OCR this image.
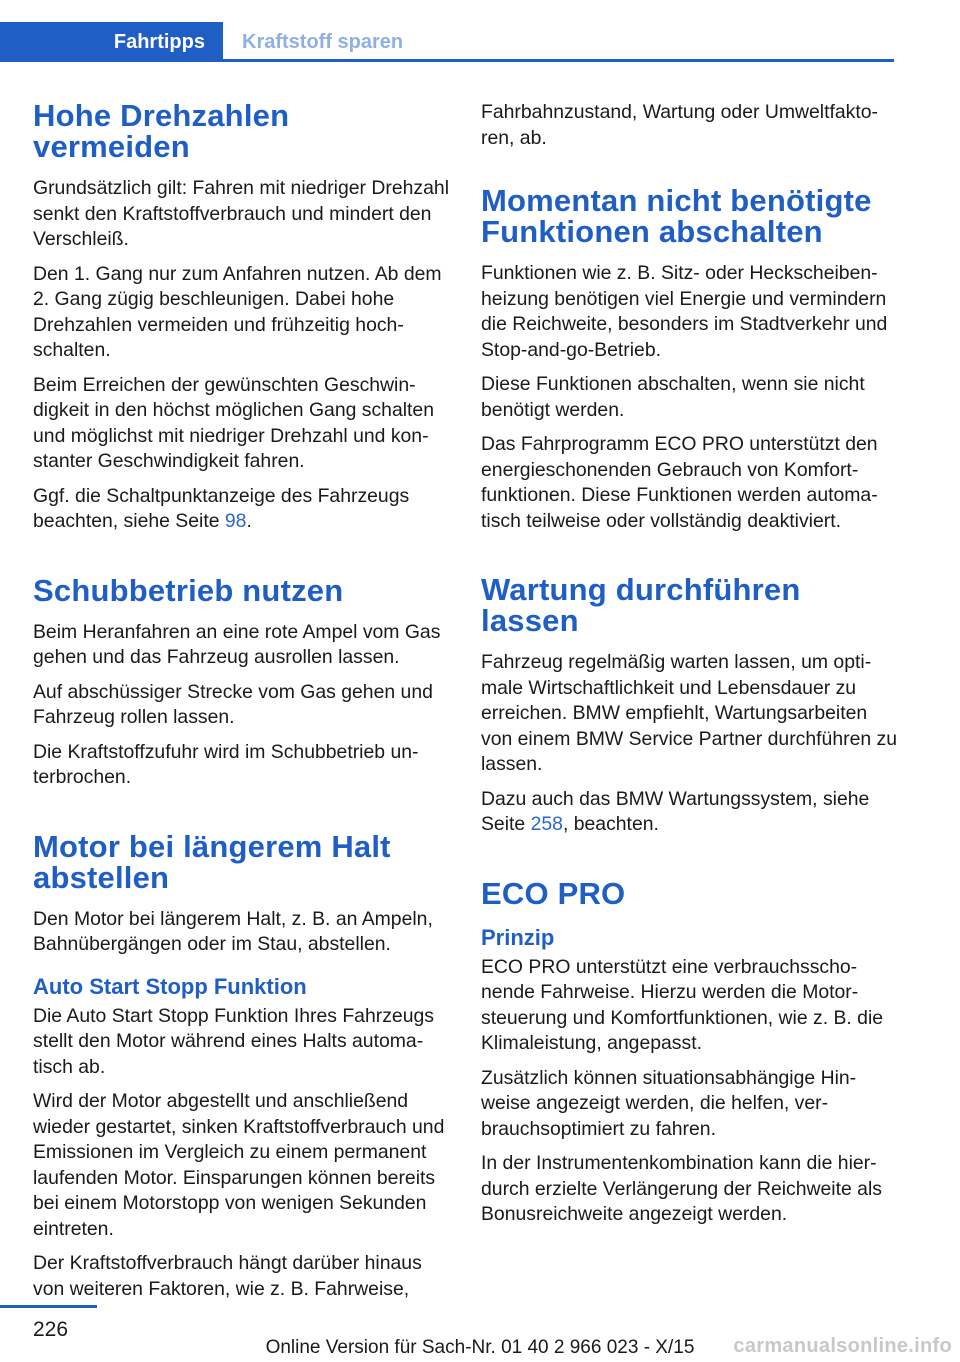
Fahrtipps	Kraftstoff sparen
Hohe Drehzahlen vermeiden

Grundsätzlich gilt: Fahren mit niedriger Drehzahl senkt den Kraftstoffverbrauch und mindert den Verschleiß.

Den 1. Gang nur zum Anfahren nutzen. Ab dem 2. Gang zügig beschleunigen. Dabei hohe Drehzahlen vermeiden und frühzeitig hochschalten.

Beim Erreichen der gewünschten Geschwindigkeit in den höchst möglichen Gang schalten und möglichst mit niedriger Drehzahl und konstanter Geschwindigkeit fahren.

Ggf. die Schaltpunktanzeige des Fahrzeugs beachten, siehe Seite 98.

Schubbetrieb nutzen

Beim Heranfahren an eine rote Ampel vom Gas gehen und das Fahrzeug ausrollen lassen.

Auf abschüssiger Strecke vom Gas gehen und Fahrzeug rollen lassen.

Die Kraftstoffzufuhr wird im Schubbetrieb unterbrochen.

Motor bei längerem Halt abstellen

Den Motor bei längerem Halt, z. B. an Ampeln, Bahnübergängen oder im Stau, abstellen.

Auto Start Stopp Funktion

Die Auto Start Stopp Funktion Ihres Fahrzeugs stellt den Motor während eines Halts automatisch ab.

Wird der Motor abgestellt und anschließend wieder gestartet, sinken Kraftstoffverbrauch und Emissionen im Vergleich zu einem permanent laufenden Motor. Einsparungen können bereits bei einem Motorstopp von wenigen Sekunden eintreten.

Der Kraftstoffverbrauch hängt darüber hinaus von weiteren Faktoren, wie z. B. Fahrweise,

Fahrbahnzustand, Wartung oder Umweltfaktoren, ab.

Momentan nicht benötigte Funktionen abschalten

Funktionen wie z. B. Sitz- oder Heckscheibenheizung benötigen viel Energie und vermindern die Reichweite, besonders im Stadtverkehr und Stop-and-go-Betrieb.

Diese Funktionen abschalten, wenn sie nicht benötigt werden.

Das Fahrprogramm ECO PRO unterstützt den energieschonenden Gebrauch von Komfortfunktionen. Diese Funktionen werden automatisch teilweise oder vollständig deaktiviert.

Wartung durchführen lassen

Fahrzeug regelmäßig warten lassen, um optimale Wirtschaftlichkeit und Lebensdauer zu erreichen. BMW empfiehlt, Wartungsarbeiten von einem BMW Service Partner durchführen zu lassen.

Dazu auch das BMW Wartungssystem, siehe Seite 258, beachten.

ECO PRO
Prinzip

ECO PRO unterstützt eine verbrauchsschonende Fahrweise. Hierzu werden die Motorsteuerung und Komfortfunktionen, wie z. B. die Klimaleistung, angepasst.

Zusätzlich können situationsabhängige Hinweise angezeigt werden, die helfen, verbrauchsoptimiert zu fahren.

In der Instrumentenkombination kann die hierdurch erzielte Verlängerung der Reichweite als Bonusreichweite angezeigt werden.

226
Online Version für Sach-Nr. 01 40 2 966 023 - X/15	carmanualsonline.info
